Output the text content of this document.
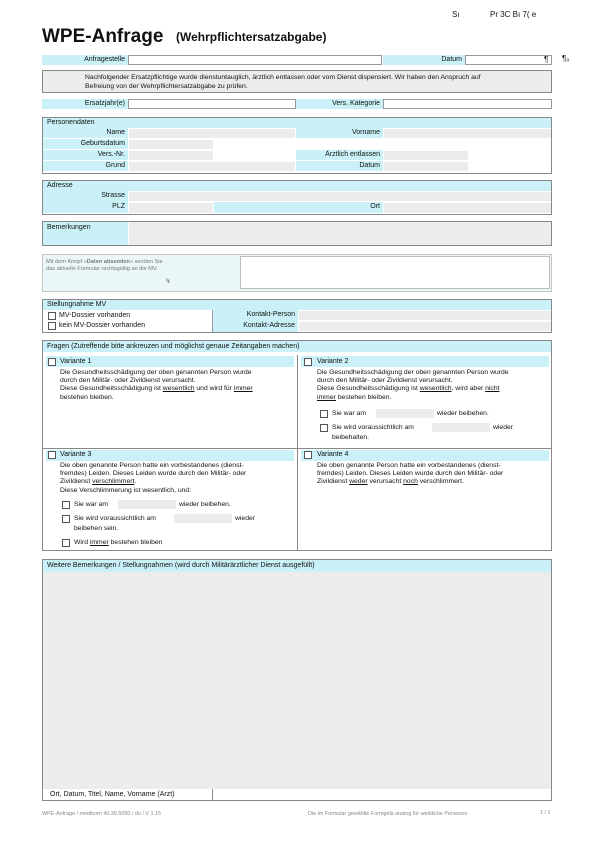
Sı	Pr 3C Bı 7( e
WPE-Anfrage (Wehrpflichtersatzabgabe)
¶₀
Anfragestelle	Datum	¶
Nachfolgender Ersatzpflichtige wurde dienstuntauglich, ärztlich entlassen oder vom Dienst dispensiert. Wir haben den Anspruch auf Befreiung von der Wehrpflichtersatzabgabe zu prüfen.
Ersatzjahr(e)	Vers. Kategorie
Personendaten
Name	Vorname
Geburtsdatum
Vers.-Nr.	Ärztlich entlassen
Grund	Datum
Adresse
Strasse
PLZ	Ort
Bemerkungen
Mit dem Knopf «Daten absenden» senden Sie das aktuelle Formular rechtsgültig an die MV.
¹ı
Stellungnahme MV
MV-Dossier vorhanden
kein MV-Dossier vorhanden
Kontakt-Person
Kontakt-Adresse
Fragen (Zutreffende bitte ankreuzen und möglichst genaue Zeitangaben machen)
Variante 1
Die Gesundheitsschädigung der oben genannten Person wurde
durch den Militär- oder Zivildienst verursacht.
Diese Gesundheitsschädigung ist wesentlich und wird für immer
bestehen bleiben.
Variante 2
Die Gesundheitsschädigung der oben genannten Person wurde
durch den Militär- oder Zivildienst verursacht.
Diese Gesundheitsschädigung ist wesentlich, wird aber nicht
immer bestehen bleiben.
Sie war am	wieder beibehen.
Sie wird voraussichtlich am	wieder
beibehalten.
Variante 3
Die oben genannte Person hatte ein vorbestandenes (dienst-
fremdes) Leiden. Dieses Leiden wurde durch den Militär- oder
Zivildienst verschlimmert.
Diese Verschlimmerung ist wesentlich, und:
Sie war am	wieder beibehen.
Sie wird voraussichtlich am	wieder
beibehen sein.
Wird immer bestehen bleiben
Variante 4
Die oben genannte Person hatte ein vorbestandenes (dienst-
fremdes) Leiden. Dieses Leiden wurde durch den Militär- oder
Zivildienst weder verursacht noch verschlimmert.
Weitere Bemerkungen / Stellungnahmen (wird durch Militärärztlicher Dienst ausgefüllt)
Ort, Datum, Titel, Name, Vorname (Arzt)
WPE-Anfrage / meditorm 40.30.5090 / do / V 1.15	Die im Formular gewählte Formgelä analog für weibliche Personen	1 / 1
